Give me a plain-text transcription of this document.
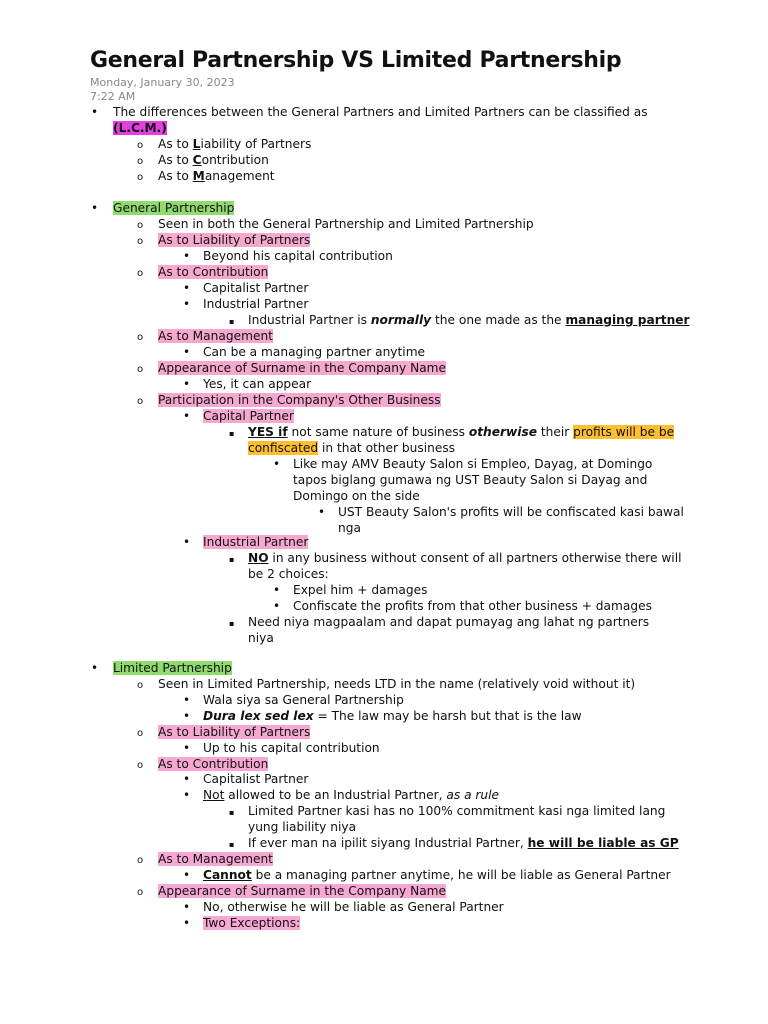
General Partnership VS Limited Partnership
Monday, January 30, 2023
7:22 AM
•
The differences between the General Partners and Limited Partners can be classified as
(L.C.M.)
o
As to Liability of Partners
o
As to Contribution
o
As to Management
•
General Partnership
o
Seen in both the General Partnership and Limited Partnership
o
As to Liability of Partners
•
Beyond his capital contribution
o
As to Contribution
•
Capitalist Partner
•
Industrial Partner
▪
Industrial Partner is normally the one made as the managing partner
o
As to Management
•
Can be a managing partner anytime
o
Appearance of Surname in the Company Name
•
Yes, it can appear
o
Participation in the Company's Other Business
•
Capital Partner
▪
YES if not same nature of business otherwise their profits will be be
confiscated in that other business
•
Like may AMV Beauty Salon si Empleo, Dayag, at Domingo
tapos biglang gumawa ng UST Beauty Salon si Dayag and
Domingo on the side
•
UST Beauty Salon's profits will be confiscated kasi bawal
nga
•
Industrial Partner
▪
NO in any business without consent of all partners otherwise there will
be 2 choices:
•
Expel him + damages
•
Confiscate the profits from that other business + damages
▪
Need niya magpaalam and dapat pumayag ang lahat ng partners
niya
•
Limited Partnership
o
Seen in Limited Partnership, needs LTD in the name (relatively void without it)
•
Wala siya sa General Partnership
•
Dura lex sed lex = The law may be harsh but that is the law
o
As to Liability of Partners
•
Up to his capital contribution
o
As to Contribution
•
Capitalist Partner
•
Not allowed to be an Industrial Partner, as a rule
▪
Limited Partner kasi has no 100% commitment kasi nga limited lang
yung liability niya
▪
If ever man na ipilit siyang Industrial Partner, he will be liable as GP
o
As to Management
•
Cannot be a managing partner anytime, he will be liable as General Partner
o
Appearance of Surname in the Company Name
•
No, otherwise he will be liable as General Partner
•
Two Exceptions:
